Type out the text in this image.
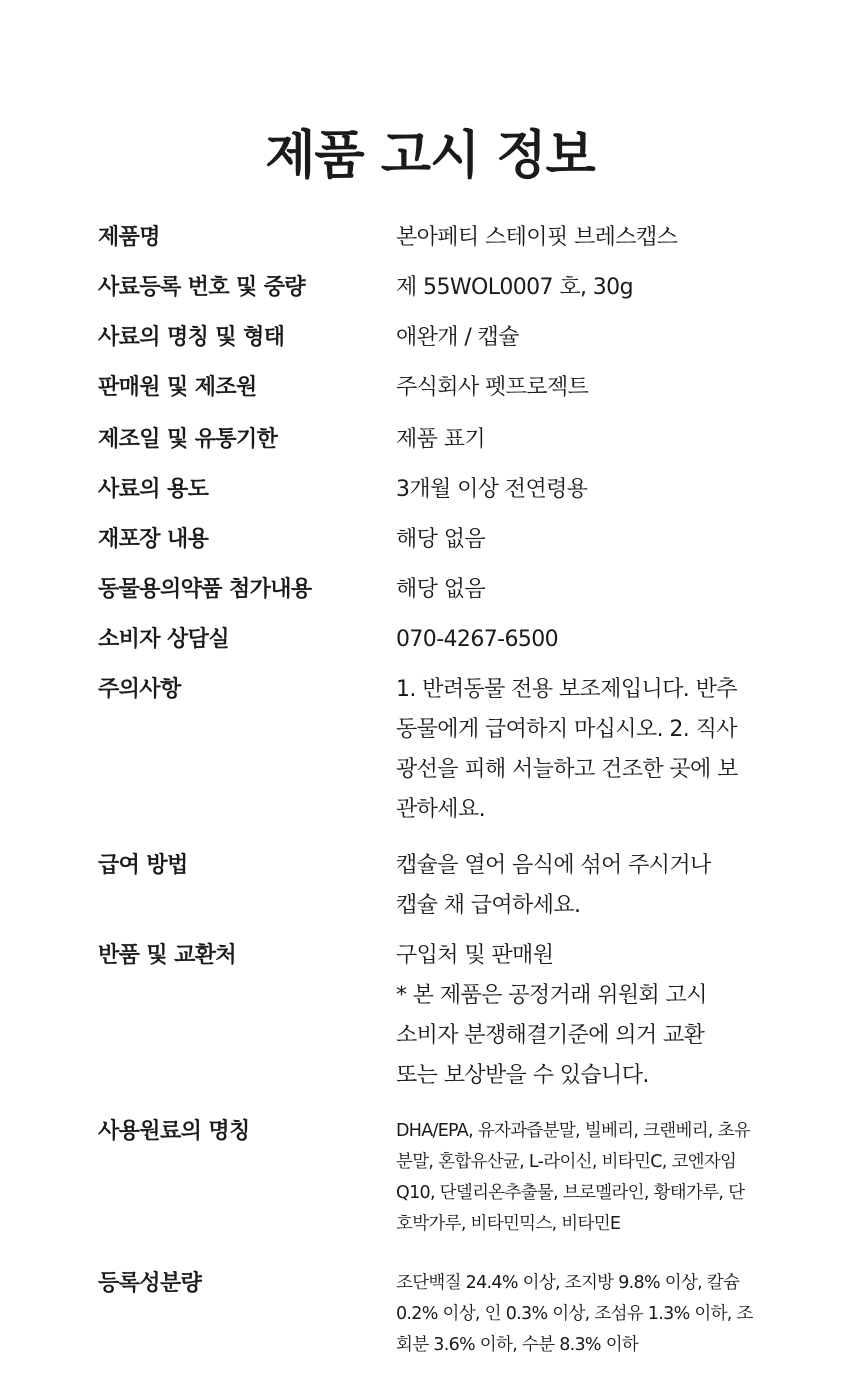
제품 고시 정보
제품명	본아페티 스테이핏 브레스캡스
사료등록 번호 및 중량	제 55WOL0007 호, 30g
사료의 명칭 및 형태	애완개 / 캡슐
판매원 및 제조원	주식회사 펫프로젝트
제조일 및 유통기한	제품 표기
사료의 용도	3개월 이상 전연령용
재포장 내용	해당 없음
동물용의약품 첨가내용	해당 없음
소비자 상담실	070-4267-6500
주의사항	1. 반려동물 전용 보조제입니다. 반추
동물에게 급여하지 마십시오. 2. 직사
광선을 피해 서늘하고 건조한 곳에 보
관하세요.
급여 방법	캡슐을 열어 음식에 섞어 주시거나
캡슐 채 급여하세요.
반품 및 교환처	구입처 및 판매원
* 본 제품은 공정거래 위원회 고시
소비자 분쟁해결기준에 의거 교환
또는 보상받을 수 있습니다.
사용원료의 명칭	DHA/EPA, 유자과즙분말, 빌베리, 크랜베리, 초유
분말, 혼합유산균, L-라이신, 비타민C, 코엔자임
Q10, 단델리온추출물, 브로멜라인, 황태가루, 단
호박가루, 비타민믹스, 비타민E
등록성분량	조단백질 24.4% 이상, 조지방 9.8% 이상, 칼슘
0.2% 이상, 인 0.3% 이상, 조섬유 1.3% 이하, 조
회분 3.6% 이하, 수분 8.3% 이하
